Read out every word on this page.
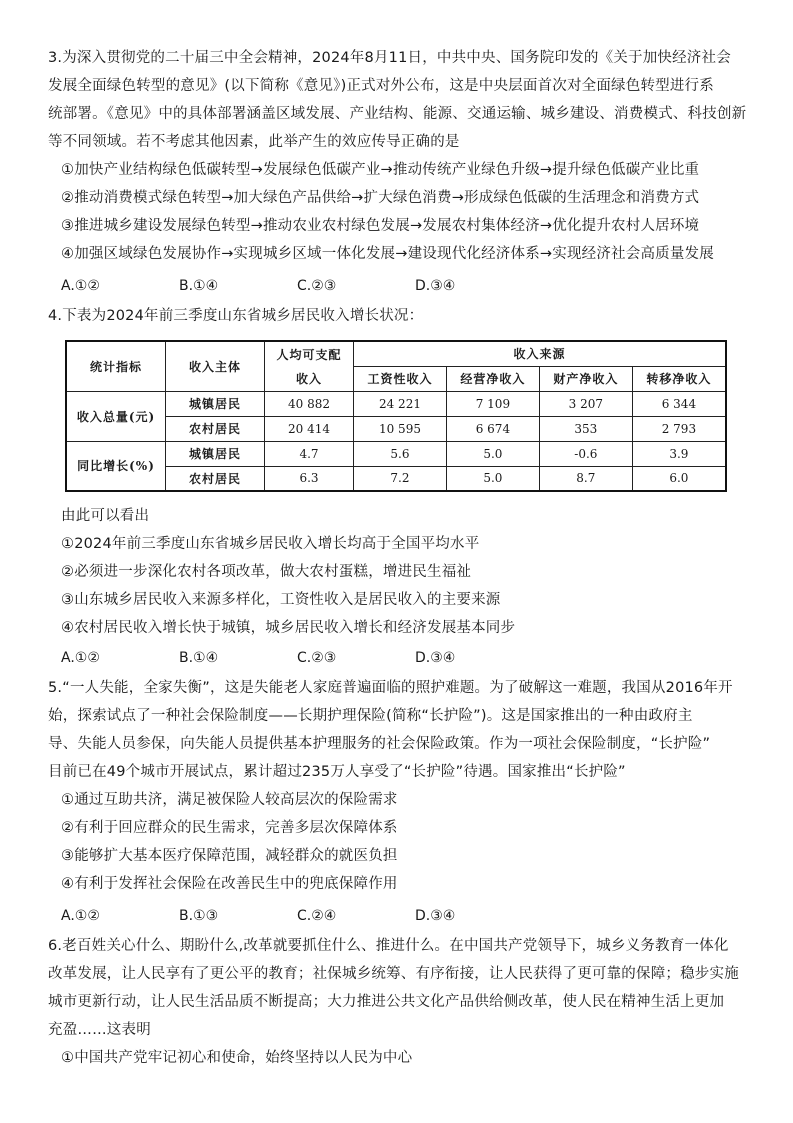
3.为深入贯彻党的二十届三中全会精神，2024年8月11日，中共中央、国务院印发的《关于加快经济社会
发展全面绿色转型的意见》(以下简称《意见》)正式对外公布，这是中央层面首次对全面绿色转型进行系
统部署。《意见》中的具体部署涵盖区域发展、产业结构、能源、交通运输、城乡建设、消费模式、科技创新
等不同领域。若不考虑其他因素，此举产生的效应传导正确的是
①加快产业结构绿色低碳转型→发展绿色低碳产业→推动传统产业绿色升级→提升绿色低碳产业比重
②推动消费模式绿色转型→加大绿色产品供给→扩大绿色消费→形成绿色低碳的生活理念和消费方式
③推进城乡建设发展绿色转型→推动农业农村绿色发展→发展农村集体经济→优化提升农村人居环境
④加强区域绿色发展协作→实现城乡区域一体化发展→建设现代化经济体系→实现经济社会高质量发展
A.①②	B.①④	C.②③	D.③④
4.下表为2024年前三季度山东省城乡居民收入增长状况：
统计指标	收入主体	人均可支配	收入来源			
		收入	工资性收入	经营净收入	财产净收入	转移净收入
收入总量(元)	城镇居民	40 882	24 221	7 109	3 207	6 344
	农村居民	20 414	10 595	6 674	353	2 793
同比增长(%)	城镇居民	4.7	5.6	5.0	-0.6	3.9
	农村居民	6.3	7.2	5.0	8.7	6.0
由此可以看出
①2024年前三季度山东省城乡居民收入增长均高于全国平均水平
②必须进一步深化农村各项改革，做大农村蛋糕，增进民生福祉
③山东城乡居民收入来源多样化，工资性收入是居民收入的主要来源
④农村居民收入增长快于城镇，城乡居民收入增长和经济发展基本同步
A.①②	B.①④	C.②③	D.③④
5.“一人失能，全家失衡”，这是失能老人家庭普遍面临的照护难题。为了破解这一难题，我国从2016年开
始，探索试点了一种社会保险制度——长期护理保险(简称“长护险”)。这是国家推出的一种由政府主
导、失能人员参保，向失能人员提供基本护理服务的社会保险政策。作为一项社会保险制度，“长护险”
目前已在49个城市开展试点，累计超过235万人享受了“长护险”待遇。国家推出“长护险”
①通过互助共济，满足被保险人较高层次的保险需求
②有利于回应群众的民生需求，完善多层次保障体系
③能够扩大基本医疗保障范围，减轻群众的就医负担
④有利于发挥社会保险在改善民生中的兜底保障作用
A.①②	B.①③	C.②④	D.③④
6.老百姓关心什么、期盼什么,改革就要抓住什么、推进什么。在中国共产党领导下，城乡义务教育一体化
改革发展，让人民享有了更公平的教育；社保城乡统筹、有序衔接，让人民获得了更可靠的保障；稳步实施
城市更新行动，让人民生活品质不断提高；大力推进公共文化产品供给侧改革，使人民在精神生活上更加
充盈……这表明
①中国共产党牢记初心和使命，始终坚持以人民为中心
